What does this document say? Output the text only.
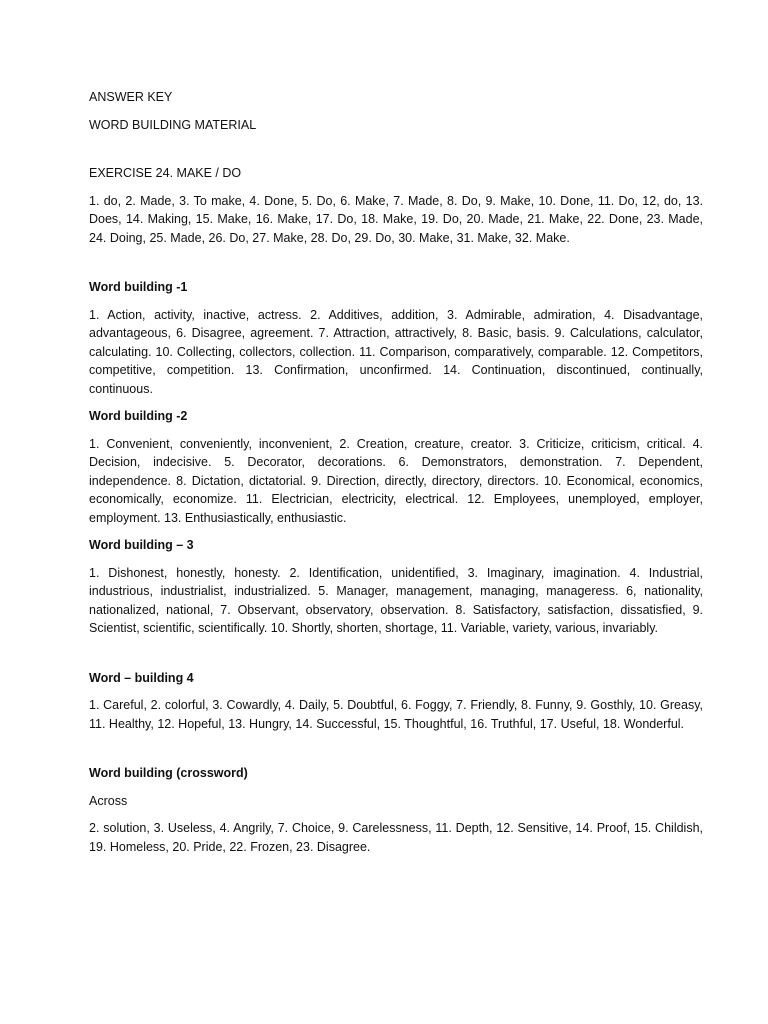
ANSWER KEY

WORD BUILDING MATERIAL

EXERCISE 24. MAKE / DO

1. do, 2. Made, 3. To make, 4. Done, 5. Do, 6. Make, 7. Made, 8. Do, 9. Make, 10. Done, 11. Do, 12, do, 13. Does, 14. Making, 15. Make, 16. Make, 17. Do, 18. Make, 19. Do, 20. Made, 21. Make, 22. Done, 23. Made, 24. Doing, 25. Made, 26. Do, 27. Make, 28. Do, 29. Do, 30. Make, 31. Make, 32. Make.

Word building -1

1. Action, activity, inactive, actress. 2. Additives, addition, 3. Admirable, admiration, 4. Disadvantage, advantageous, 6. Disagree, agreement. 7. Attraction, attractively, 8. Basic, basis. 9. Calculations, calculator, calculating. 10. Collecting, collectors, collection. 11. Comparison, comparatively, comparable. 12. Competitors, competitive, competition. 13. Confirmation, unconfirmed. 14. Continuation, discontinued, continually, continuous.

Word building -2

1. Convenient, conveniently, inconvenient, 2. Creation, creature, creator. 3. Criticize, criticism, critical. 4. Decision, indecisive. 5. Decorator, decorations. 6. Demonstrators, demonstration. 7. Dependent, independence. 8. Dictation, dictatorial. 9. Direction, directly, directory, directors. 10. Economical, economics, economically, economize. 11. Electrician, electricity, electrical. 12. Employees, unemployed, employer, employment. 13. Enthusiastically, enthusiastic.

Word building – 3

1. Dishonest, honestly, honesty. 2. Identification, unidentified, 3. Imaginary, imagination. 4. Industrial, industrious, industrialist, industrialized. 5. Manager, management, managing, manageress. 6, nationality, nationalized, national, 7. Observant, observatory, observation. 8. Satisfactory, satisfaction, dissatisfied, 9. Scientist, scientific, scientifically. 10. Shortly, shorten, shortage, 11. Variable, variety, various, invariably.

Word – building 4

1. Careful, 2. colorful, 3. Cowardly, 4. Daily, 5. Doubtful, 6. Foggy, 7. Friendly, 8. Funny, 9. Gosthly, 10. Greasy, 11. Healthy, 12. Hopeful, 13. Hungry, 14. Successful, 15. Thoughtful, 16. Truthful, 17. Useful, 18. Wonderful.

Word building (crossword)

Across

2. solution, 3. Useless, 4. Angrily, 7. Choice, 9. Carelessness, 11. Depth, 12. Sensitive, 14. Proof, 15. Childish, 19. Homeless, 20. Pride, 22. Frozen, 23. Disagree.
